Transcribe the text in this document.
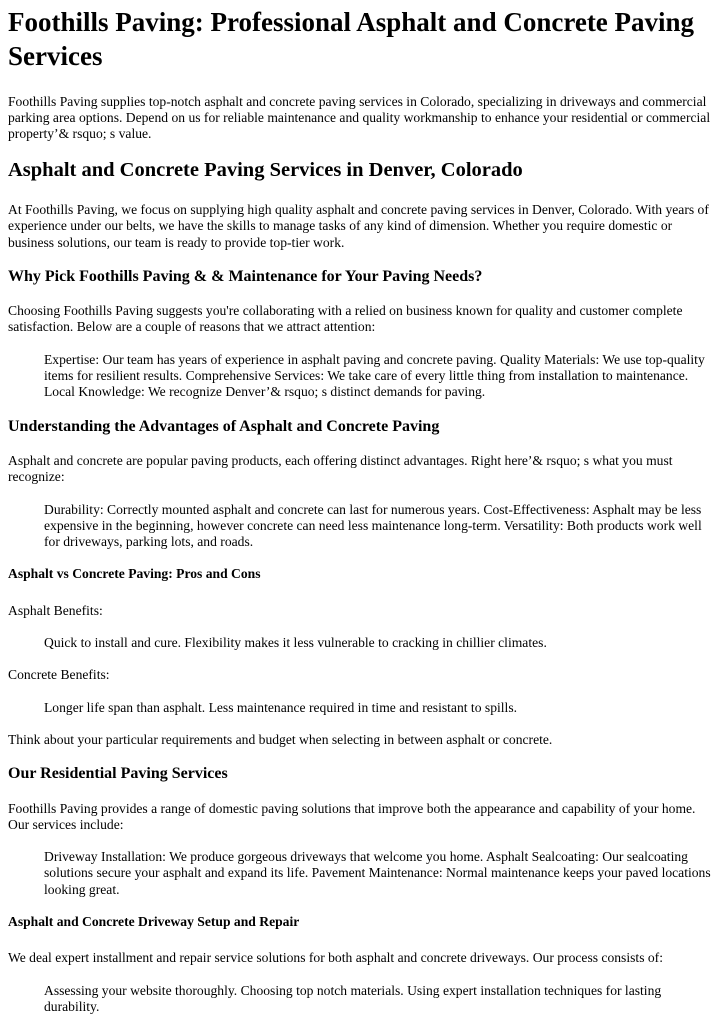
Foothills Paving: Professional Asphalt and Concrete Paving Services

Foothills Paving supplies top-notch asphalt and concrete paving services in Colorado, specializing in driveways and commercial parking area options. Depend on us for reliable maintenance and quality workmanship to enhance your residential or commercial property’& rsquo; s value.

Asphalt and Concrete Paving Services in Denver, Colorado

At Foothills Paving, we focus on supplying high quality asphalt and concrete paving services in Denver, Colorado. With years of experience under our belts, we have the skills to manage tasks of any kind of dimension. Whether you require domestic or business solutions, our team is ready to provide top-tier work.

Why Pick Foothills Paving & & Maintenance for Your Paving Needs?

Choosing Foothills Paving suggests you're collaborating with a relied on business known for quality and customer complete satisfaction. Below are a couple of reasons that we attract attention:

Expertise: Our team has years of experience in asphalt paving and concrete paving. Quality Materials: We use top-quality items for resilient results. Comprehensive Services: We take care of every little thing from installation to maintenance. Local Knowledge: We recognize Denver’& rsquo; s distinct demands for paving.
Understanding the Advantages of Asphalt and Concrete Paving

Asphalt and concrete are popular paving products, each offering distinct advantages. Right here’& rsquo; s what you must recognize:

Durability: Correctly mounted asphalt and concrete can last for numerous years. Cost-Effectiveness: Asphalt may be less expensive in the beginning, however concrete can need less maintenance long-term. Versatility: Both products work well for driveways, parking lots, and roads.
Asphalt vs Concrete Paving: Pros and Cons

Asphalt Benefits:

Quick to install and cure. Flexibility makes it less vulnerable to cracking in chillier climates.

Concrete Benefits:

Longer life span than asphalt. Less maintenance required in time and resistant to spills.

Think about your particular requirements and budget when selecting in between asphalt or concrete.

Our Residential Paving Services

Foothills Paving provides a range of domestic paving solutions that improve both the appearance and capability of your home. Our services include:

Driveway Installation: We produce gorgeous driveways that welcome you home. Asphalt Sealcoating: Our sealcoating solutions secure your asphalt and expand its life. Pavement Maintenance: Normal maintenance keeps your paved locations looking great.
Asphalt and Concrete Driveway Setup and Repair

We deal expert installment and repair service solutions for both asphalt and concrete driveways. Our process consists of:

Assessing your website thoroughly. Choosing top notch materials. Using expert installation techniques for lasting durability.
